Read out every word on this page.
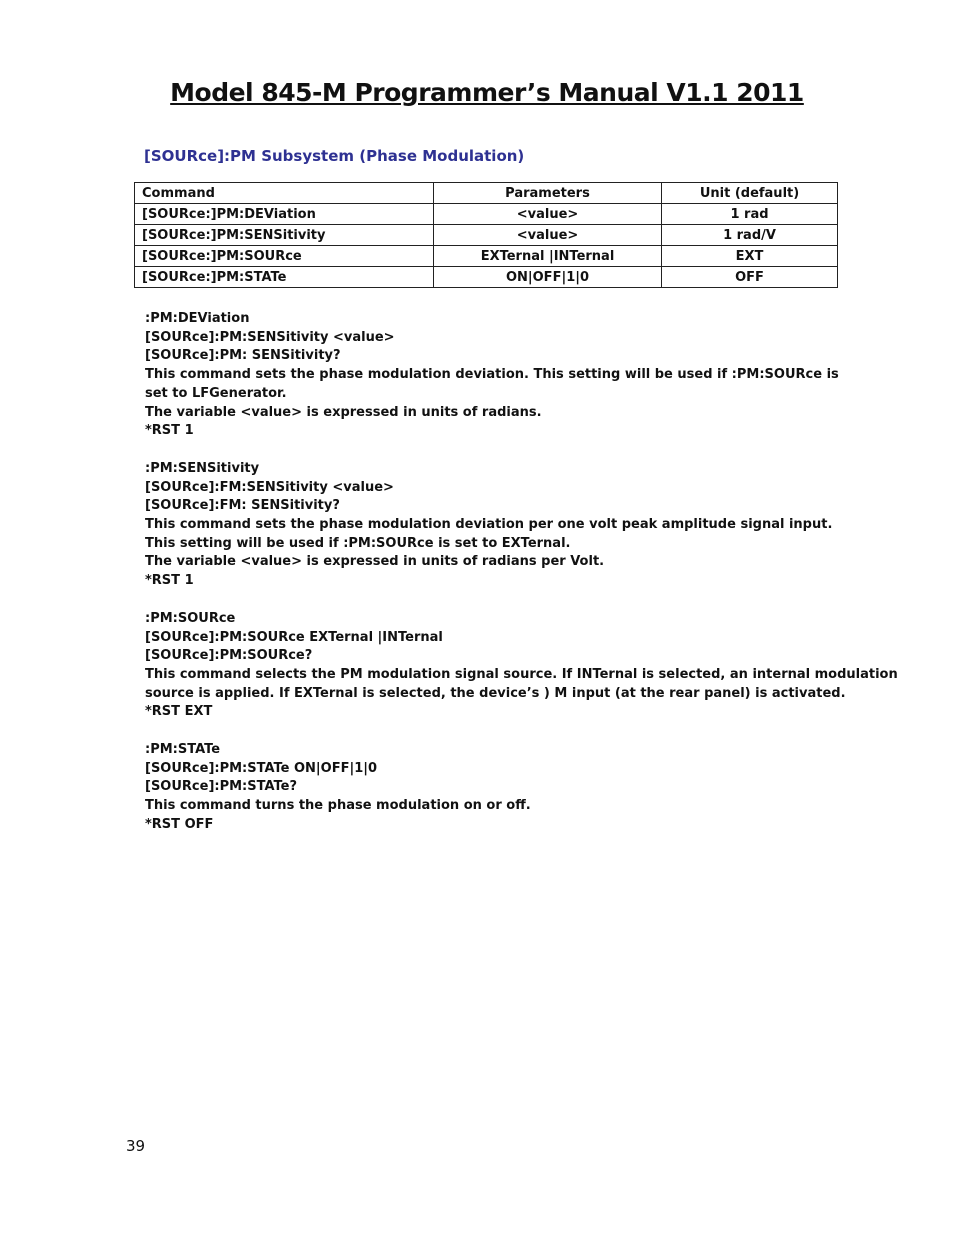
Model 845-M Programmer’s Manual V1.1 2011
[SOURce]:PM Subsystem (Phase Modulation)
Command	Parameters	Unit (default)
[SOURce:]PM:DEViation	<value>	1 rad
[SOURce:]PM:SENSitivity	<value>	1 rad/V
[SOURce:]PM:SOURce	EXTernal |INTernal	EXT
[SOURce:]PM:STATe	ON|OFF|1|0	OFF
:PM:DEViation
[SOURce]:PM:SENSitivity <value>
[SOURce]:PM: SENSitivity?
This command sets the phase modulation deviation. This setting will be used if :PM:SOURce is
set to LFGenerator.
The variable <value> is expressed in units of radians.
*RST 1
:PM:SENSitivity
[SOURce]:FM:SENSitivity <value>
[SOURce]:FM: SENSitivity?
This command sets the phase modulation deviation per one volt peak amplitude signal input.
This setting will be used if :PM:SOURce is set to EXTernal.
The variable <value> is expressed in units of radians per Volt.
*RST 1
:PM:SOURce
[SOURce]:PM:SOURce EXTernal |INTernal
[SOURce]:PM:SOURce?
This command selects the PM modulation signal source. If INTernal is selected, an internal modulation
source is applied. If EXTernal is selected, the device’s ) M input (at the rear panel) is activated.
*RST EXT
:PM:STATe
[SOURce]:PM:STATe ON|OFF|1|0
[SOURce]:PM:STATe?
This command turns the phase modulation on or off.
*RST OFF
39
